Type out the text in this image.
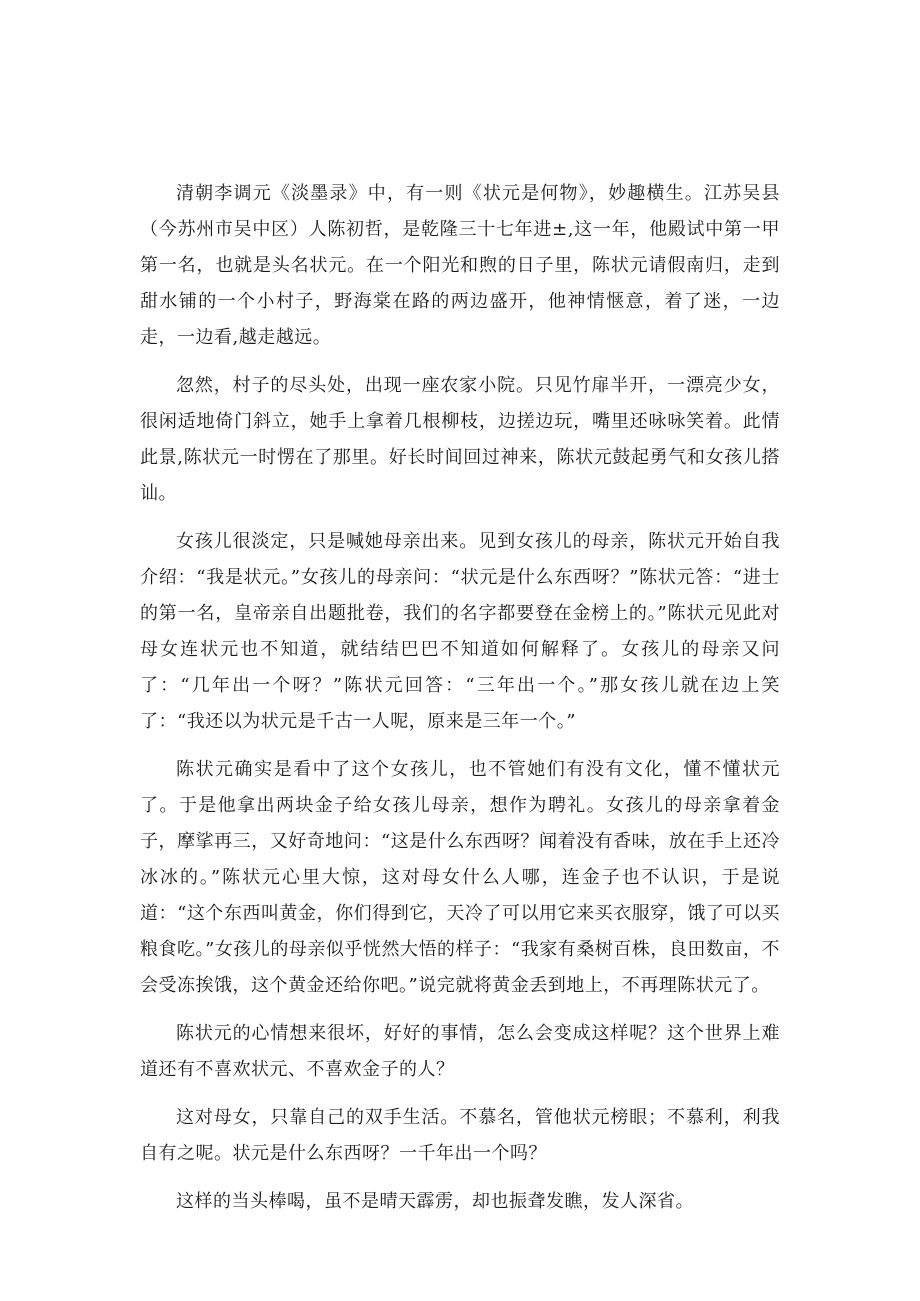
清朝李调元《淡墨录》中，有一则《状元是何物》，妙趣横生。江苏吴县（今苏州市吴中区）人陈初哲，是乾隆三十七年进±,这一年，他殿试中第一甲第一名，也就是头名状元。在一个阳光和煦的日子里，陈状元请假南归，走到甜水铺的一个小村子，野海棠在路的两边盛开，他神情惬意，着了迷，一边走，一边看,越走越远。

忽然，村子的尽头处，出现一座农家小院。只见竹扉半开，一漂亮少女，很闲适地倚门斜立，她手上拿着几根柳枝，边搓边玩，嘴里还咏咏笑着。此情此景,陈状元一时愣在了那里。好长时间回过神来，陈状元鼓起勇气和女孩儿搭讪。

女孩儿很淡定，只是喊她母亲出来。见到女孩儿的母亲，陈状元开始自我介绍：“我是状元。”女孩儿的母亲问：“状元是什么东西呀？”陈状元答：“进士的第一名，皇帝亲自出题批卷，我们的名字都要登在金榜上的。”陈状元见此对母女连状元也不知道，就结结巴巴不知道如何解释了。女孩儿的母亲又问了：“几年出一个呀？”陈状元回答：“三年出一个。”那女孩儿就在边上笑了：“我还以为状元是千古一人呢，原来是三年一个。”

陈状元确实是看中了这个女孩儿，也不管她们有没有文化，懂不懂状元了。于是他拿出两块金子给女孩儿母亲，想作为聘礼。女孩儿的母亲拿着金子，摩挲再三，又好奇地问：“这是什么东西呀？闻着没有香味，放在手上还冷冰冰的。”陈状元心里大惊，这对母女什么人哪，连金子也不认识，于是说道：“这个东西叫黄金，你们得到它，天冷了可以用它来买衣服穿，饿了可以买粮食吃。”女孩儿的母亲似乎恍然大悟的样子：“我家有桑树百株，良田数亩，不会受冻挨饿，这个黄金还给你吧。”说完就将黄金丢到地上，不再理陈状元了。

陈状元的心情想来很坏，好好的事情，怎么会变成这样呢？这个世界上难道还有不喜欢状元、不喜欢金子的人？

这对母女，只靠自己的双手生活。不慕名，管他状元榜眼；不慕利，利我自有之呢。状元是什么东西呀？一千年出一个吗？

这样的当头棒喝，虽不是晴天霹雳，却也振聋发瞧，发人深省。
